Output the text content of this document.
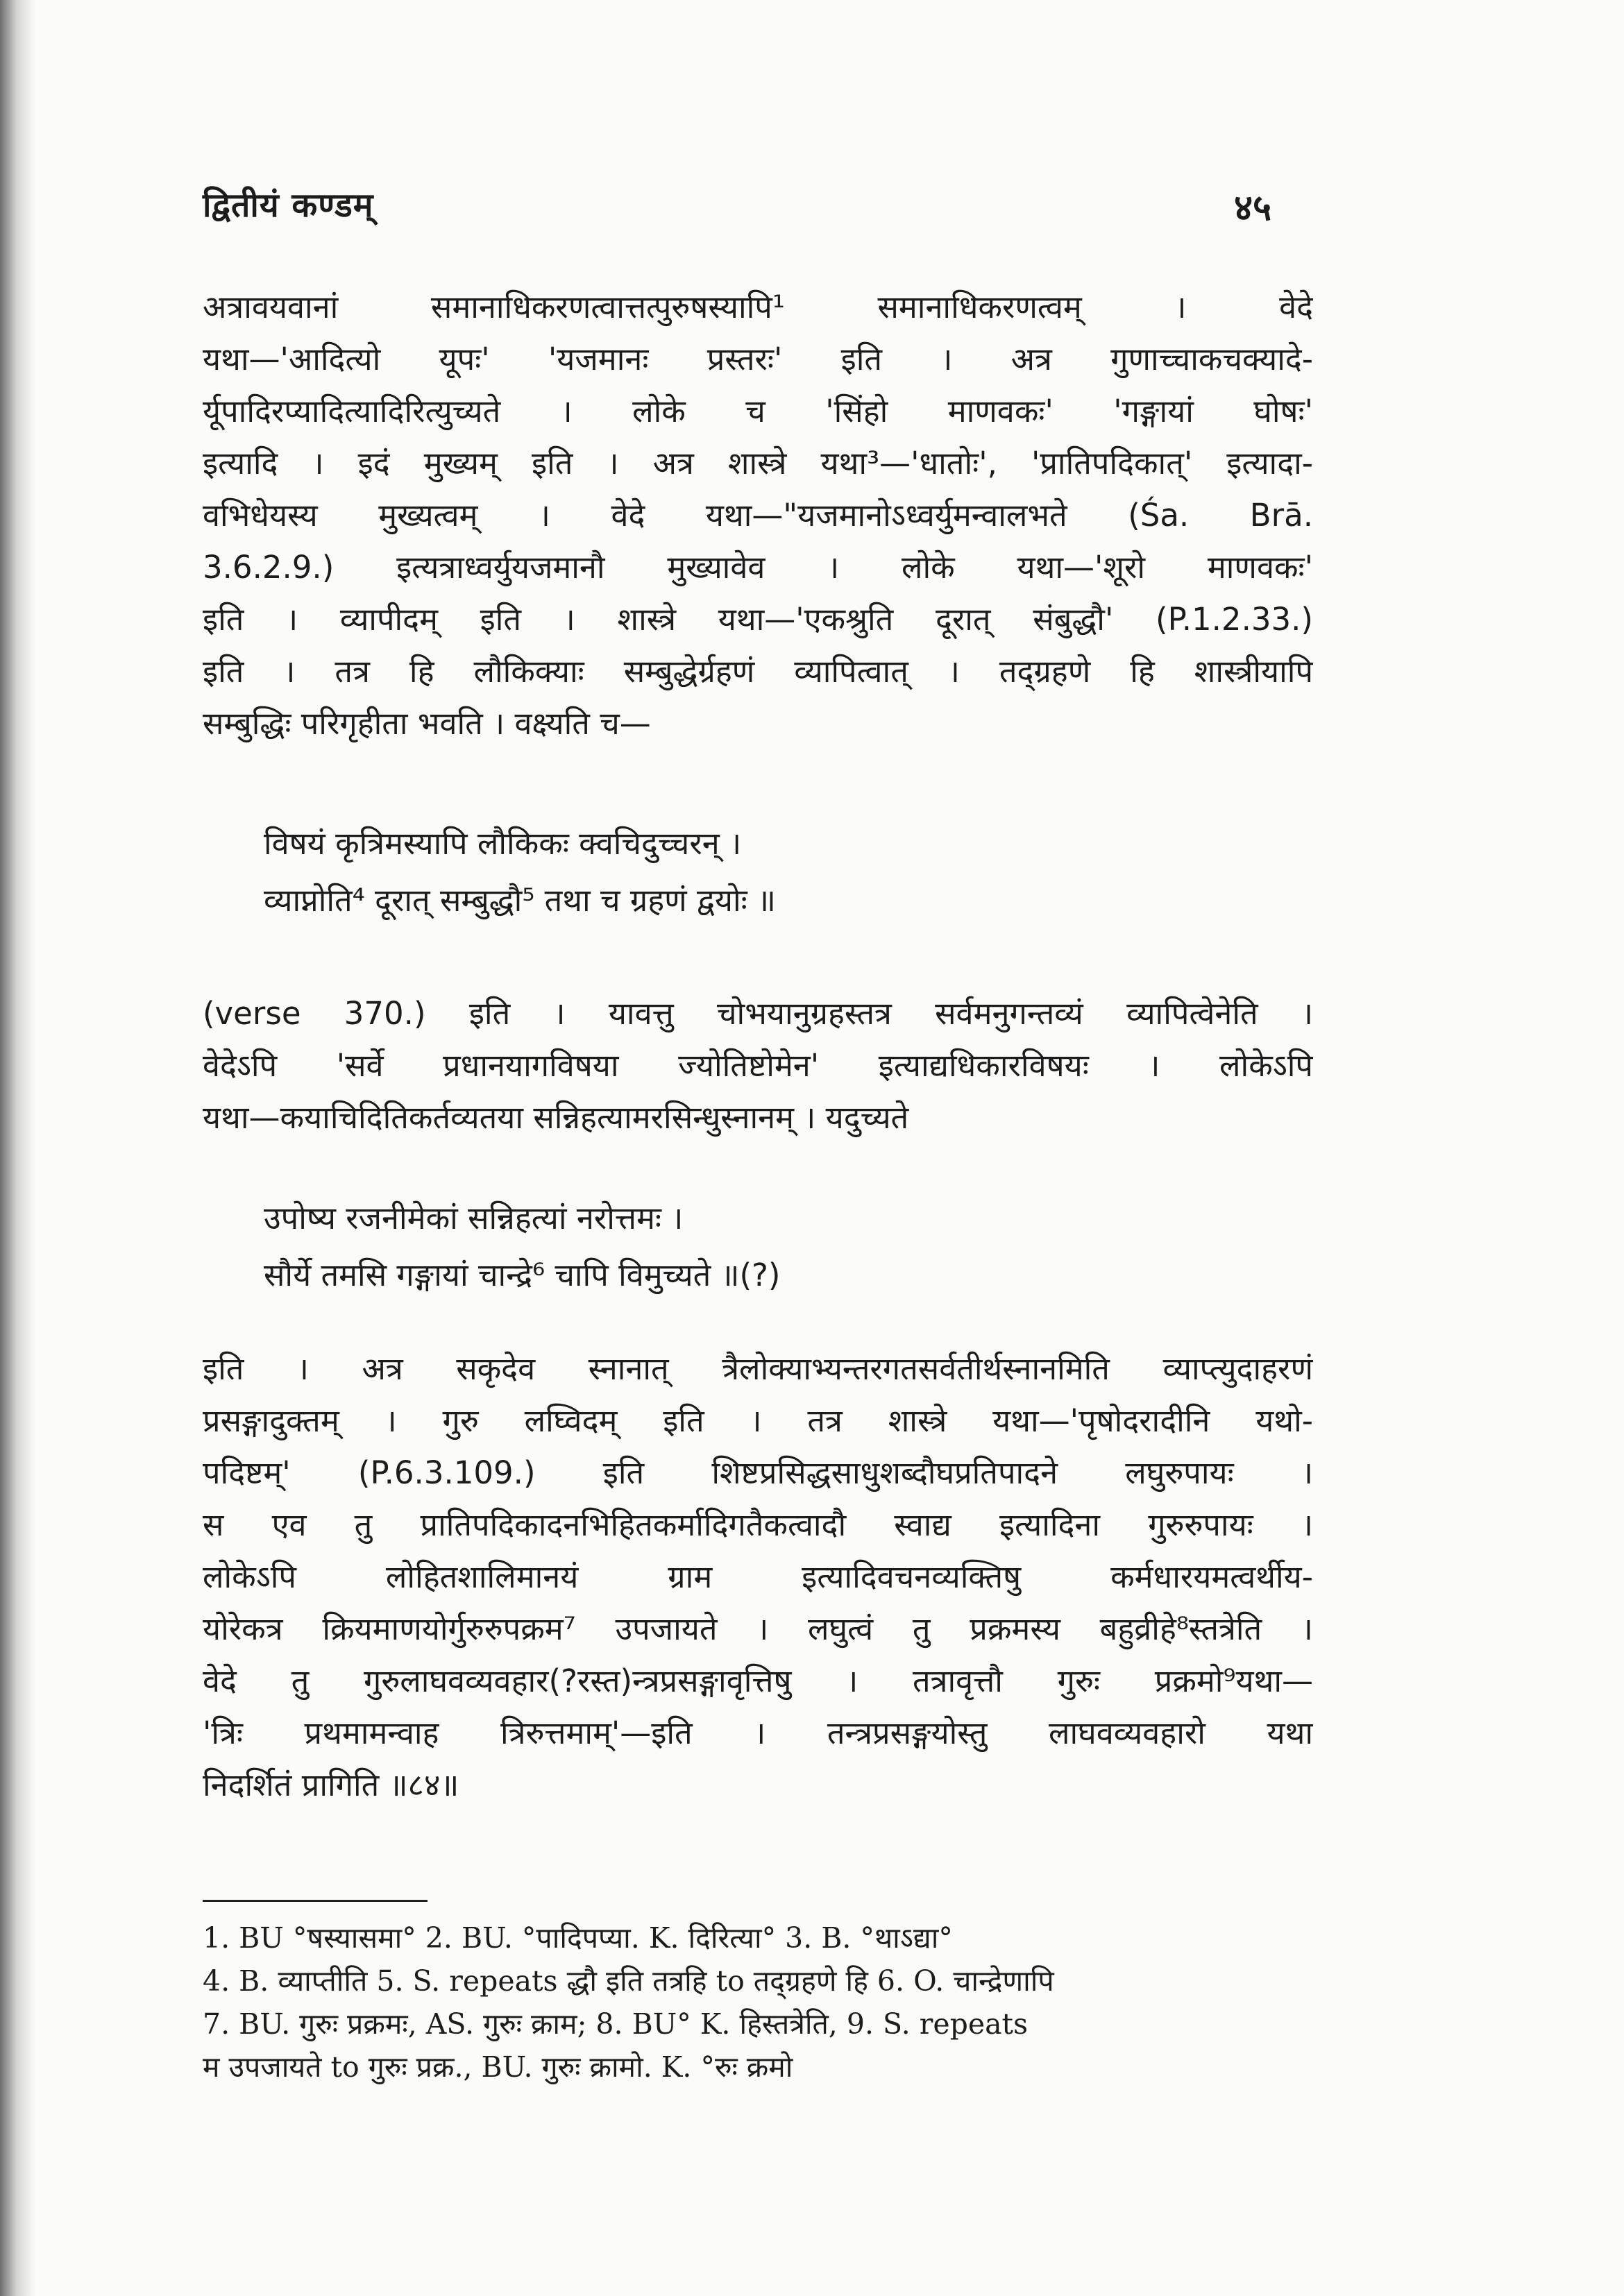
द्वितीयं कण्डम्	४५
अत्रावयवानां समानाधिकरणत्वात्तत्पुरुषस्यापि¹ समानाधिकरणत्वम् । वेदे
यथा—'आदित्यो यूपः' 'यजमानः प्रस्तरः' इति । अत्र गुणाच्चाकचक्यादे-
र्यूपादिरप्यादित्यादिरित्युच्यते । लोके च 'सिंहो माणवकः' 'गङ्गायां घोषः'
इत्यादि । इदं मुख्यम् इति । अत्र शास्त्रे यथा³—'धातोः', 'प्रातिपदिकात्' इत्यादा-
वभिधेयस्य मुख्यत्वम् । वेदे यथा—"यजमानोऽध्वर्युमन्वालभते (Śa. Brā.
3.6.2.9.) इत्यत्राध्वर्युयजमानौ मुख्यावेव । लोके यथा—'शूरो माणवकः'
इति । व्यापीदम् इति । शास्त्रे यथा—'एकश्रुति दूरात् संबुद्धौ' (P.1.2.33.)
इति । तत्र हि लौकिक्याः सम्बुद्धेर्ग्रहणं व्यापित्वात् । तद्ग्रहणे हि शास्त्रीयापि
सम्बुद्धिः परिगृहीता भवति । वक्ष्यति च—
विषयं कृत्रिमस्यापि लौकिकः क्वचिदुच्चरन् ।
व्याप्नोति⁴ दूरात् सम्बुद्धौ⁵ तथा च ग्रहणं द्वयोः ॥
(verse 370.) इति । यावत्तु चोभयानुग्रहस्तत्र सर्वमनुगन्तव्यं व्यापित्वेनेति ।
वेदेऽपि 'सर्वे प्रधानयागविषया ज्योतिष्टोमेन' इत्याद्यधिकारविषयः । लोकेऽपि
यथा—कयाचिदितिकर्तव्यतया सन्निहत्यामरसिन्धुस्नानम् । यदुच्यते
उपोष्य रजनीमेकां सन्निहत्यां नरोत्तमः ।
सौर्ये तमसि गङ्गायां चान्द्रे⁶ चापि विमुच्यते ॥(?)
इति । अत्र सकृदेव स्नानात् त्रैलोक्याभ्यन्तरगतसर्वतीर्थस्नानमिति व्याप्त्युदाहरणं
प्रसङ्गादुक्तम् । गुरु लघ्विदम् इति । तत्र शास्त्रे यथा—'पृषोदरादीनि यथो-
पदिष्टम्' (P.6.3.109.) इति शिष्टप्रसिद्धसाधुशब्दौघप्रतिपादने लघुरुपायः ।
स एव तु प्रातिपदिकादनभिहितकर्मादिगतैकत्वादौ स्वाद्य इत्यादिना गुरुरुपायः ।
लोकेऽपि लोहितशालिमानयं ग्राम इत्यादिवचनव्यक्तिषु कर्मधारयमत्वर्थीय-
योरेकत्र क्रियमाणयोर्गुरुरुपक्रम⁷ उपजायते । लघुत्वं तु प्रक्रमस्य बहुव्रीहे⁸स्तत्रेति ।
वेदे तु गुरुलाघवव्यवहार(?रस्त)न्त्रप्रसङ्गावृत्तिषु । तत्रावृत्तौ गुरुः प्रक्रमो⁹यथा—
'त्रिः प्रथमामन्वाह त्रिरुत्तमाम्'—इति । तन्त्रप्रसङ्गयोस्तु लाघवव्यवहारो यथा
निदर्शितं प्रागिति ॥८४॥
1. BU °षस्यासमा° 2. BU. °पादिपप्या. K. दिरित्या° 3. B. °थाऽद्या°
4. B. व्याप्तीति 5. S. repeats द्धौ इति तत्रहि to तद्ग्रहणे हि 6. O. चान्द्रेणापि
7. BU. गुरुः प्रक्रमः, AS. गुरुः क्राम; 8. BU° K. हिस्तत्रेति, 9. S. repeats
म उपजायते to गुरुः प्रक्र., BU. गुरुः क्रामो. K. °रुः क्रमो
